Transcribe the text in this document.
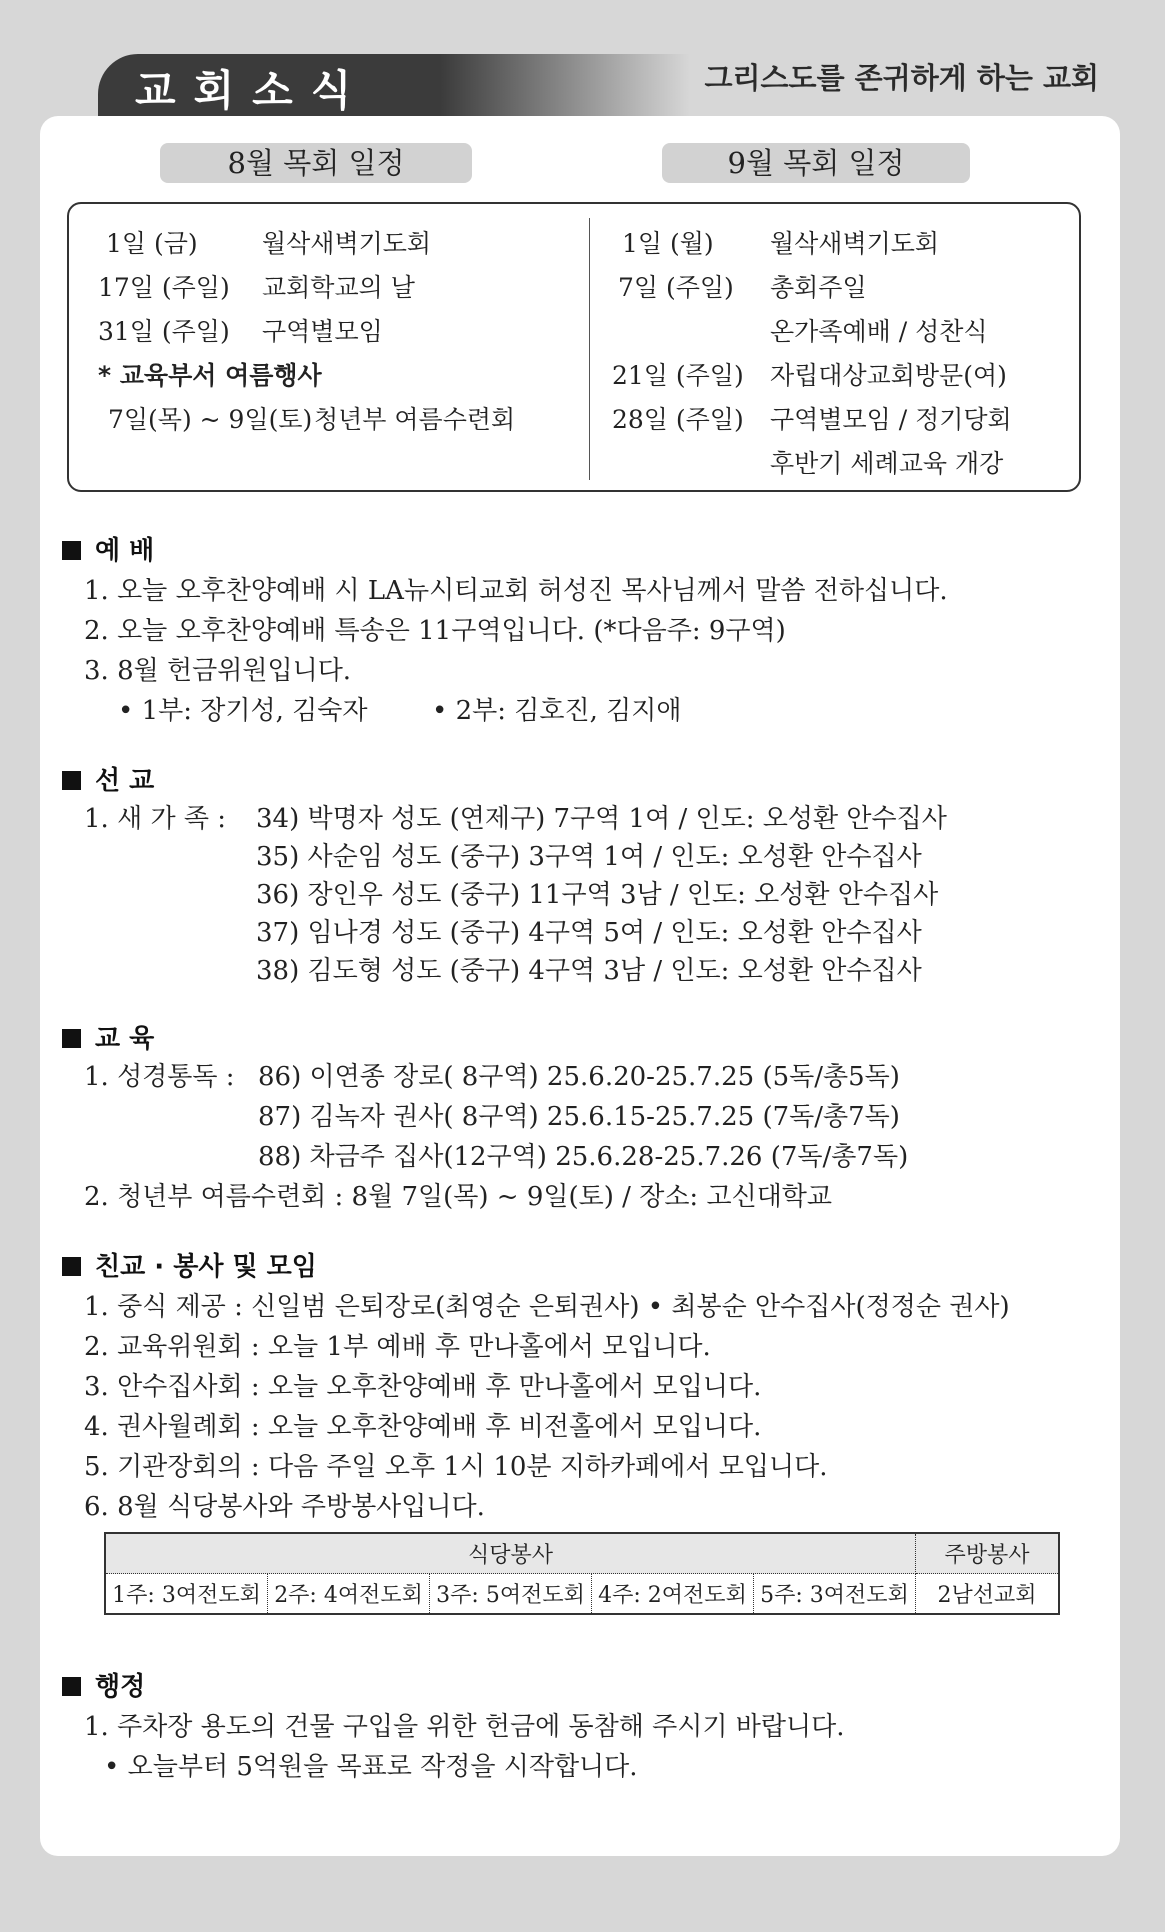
교회소식	그리스도를 존귀하게 하는 교회
8월 목회 일정	9월 목회 일정
1일 (금)	월삭새벽기도회
17일 (주일) 교회학교의 날
31일 (주일) 구역별모임
* 교육부서 여름행사
7일(목) ~ 9일(토) 청년부 여름수련회
1일 (월) 월삭새벽기도회
7일 (주일) 총회주일
온가족예배 / 성찬식
21일 (주일) 자립대상교회방문(여)
28일 (주일) 구역별모임 / 정기당회
후반기 세례교육 개강
예 배
1. 오늘 오후찬양예배 시 LA뉴시티교회 허성진 목사님께서 말씀 전하십니다.
2. 오늘 오후찬양예배 특송은 11구역입니다. (*다음주: 9구역)
3. 8월 헌금위원입니다.
• 1부: 장기성, 김숙자 • 2부: 김호진, 김지애
선 교
1. 새 가 족 : 34) 박명자 성도 (연제구) 7구역 1여 / 인도: 오성환 안수집사
35) 사순임 성도 (중구) 3구역 1여 / 인도: 오성환 안수집사
36) 장인우 성도 (중구) 11구역 3남 / 인도: 오성환 안수집사
37) 임나경 성도 (중구) 4구역 5여 / 인도: 오성환 안수집사
38) 김도형 성도 (중구) 4구역 3남 / 인도: 오성환 안수집사
교 육
1. 성경통독 : 86) 이연종 장로( 8구역) 25.6.20-25.7.25 (5독/총5독)
87) 김녹자 권사( 8구역) 25.6.15-25.7.25 (7독/총7독)
88) 차금주 집사(12구역) 25.6.28-25.7.26 (7독/총7독)
2. 청년부 여름수련회 : 8월 7일(목) ~ 9일(토) / 장소: 고신대학교
친교 · 봉사 및 모임
1. 중식 제공 : 신일범 은퇴장로(최영순 은퇴권사) • 최봉순 안수집사(정정순 권사)
2. 교육위원회 : 오늘 1부 예배 후 만나홀에서 모입니다.
3. 안수집사회 : 오늘 오후찬양예배 후 만나홀에서 모입니다.
4. 권사월례회 : 오늘 오후찬양예배 후 비전홀에서 모입니다.
5. 기관장회의 : 다음 주일 오후 1시 10분 지하카페에서 모입니다.
6. 8월 식당봉사와 주방봉사입니다.
식당봉사					주방봉사
1주: 3여전도회	2주: 4여전도회	3주: 5여전도회	4주: 2여전도회	5주: 3여전도회	2남선교회
행정
1. 주차장 용도의 건물 구입을 위한 헌금에 동참해 주시기 바랍니다.
• 오늘부터 5억원을 목표로 작정을 시작합니다.
